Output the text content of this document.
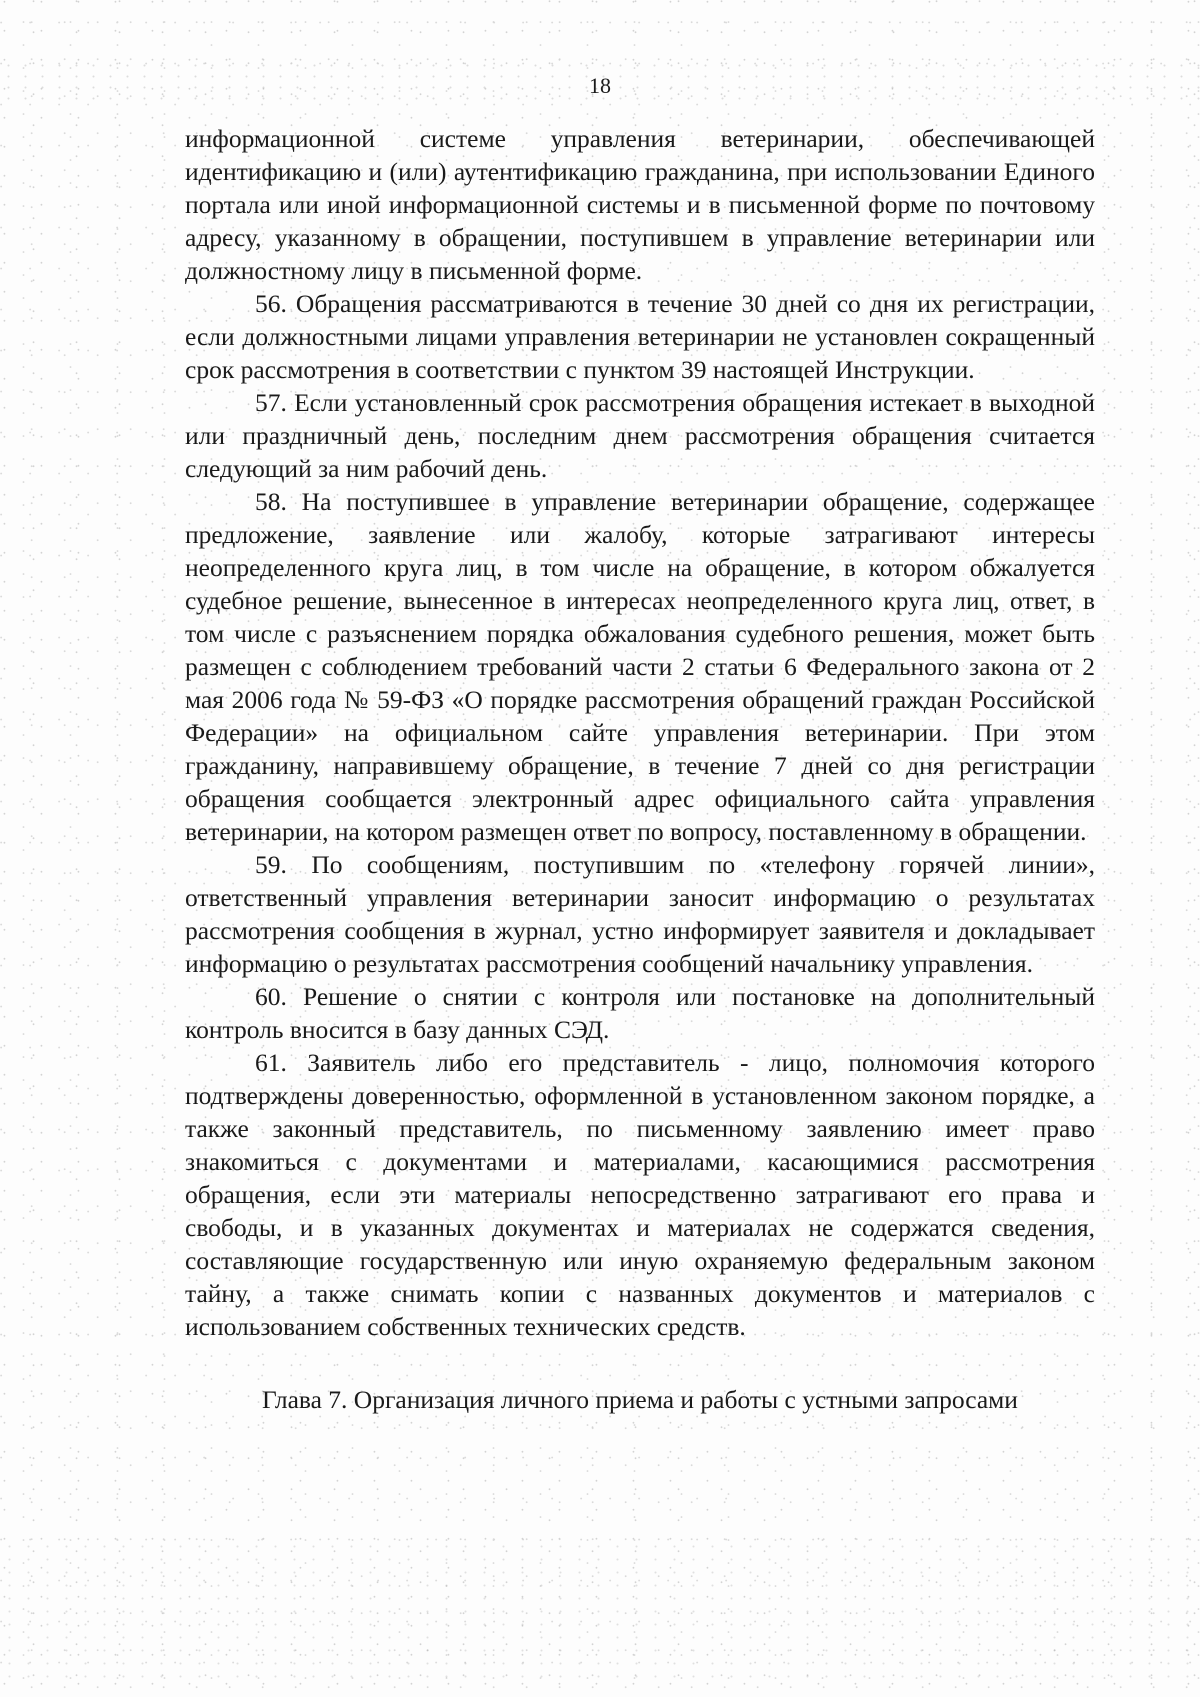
18

информационной системе управления ветеринарии, обеспечивающей идентификацию и (или) аутентификацию гражданина, при использовании Единого портала или иной информационной системы и в письменной форме по почтовому адресу, указанному в обращении, поступившем в управление ветеринарии или должностному лицу в письменной форме.

56. Обращения рассматриваются в течение 30 дней со дня их регистрации, если должностными лицами управления ветеринарии не установлен сокращенный срок рассмотрения в соответствии с пунктом 39 настоящей Инструкции.

57. Если установленный срок рассмотрения обращения истекает в выходной или праздничный день, последним днем рассмотрения обращения считается следующий за ним рабочий день.

58. На поступившее в управление ветеринарии обращение, содержащее предложение, заявление или жалобу, которые затрагивают интересы неопределенного круга лиц, в том числе на обращение, в котором обжалуется судебное решение, вынесенное в интересах неопределенного круга лиц, ответ, в том числе с разъяснением порядка обжалования судебного решения, может быть размещен с соблюдением требований части 2 статьи 6 Федерального закона от 2 мая 2006 года № 59-ФЗ «О порядке рассмотрения обращений граждан Российской Федерации» на официальном сайте управления ветеринарии. При этом гражданину, направившему обращение, в течение 7 дней со дня регистрации обращения сообщается электронный адрес официального сайта управления ветеринарии, на котором размещен ответ по вопросу, поставленному в обращении.

59. По сообщениям, поступившим по «телефону горячей линии», ответственный управления ветеринарии заносит информацию о результатах рассмотрения сообщения в журнал, устно информирует заявителя и докладывает информацию о результатах рассмотрения сообщений начальнику управления.

60. Решение о снятии с контроля или постановке на дополнительный контроль вносится в базу данных СЭД.

61. Заявитель либо его представитель - лицо, полномочия которого подтверждены доверенностью, оформленной в установленном законом порядке, а также законный представитель, по письменному заявлению имеет право знакомиться с документами и материалами, касающимися рассмотрения обращения, если эти материалы непосредственно затрагивают его права и свободы, и в указанных документах и материалах не содержатся сведения, составляющие государственную или иную охраняемую федеральным законом тайну, а также снимать копии с названных документов и материалов с использованием собственных технических средств.

Глава 7. Организация личного приема и работы с устными запросами
